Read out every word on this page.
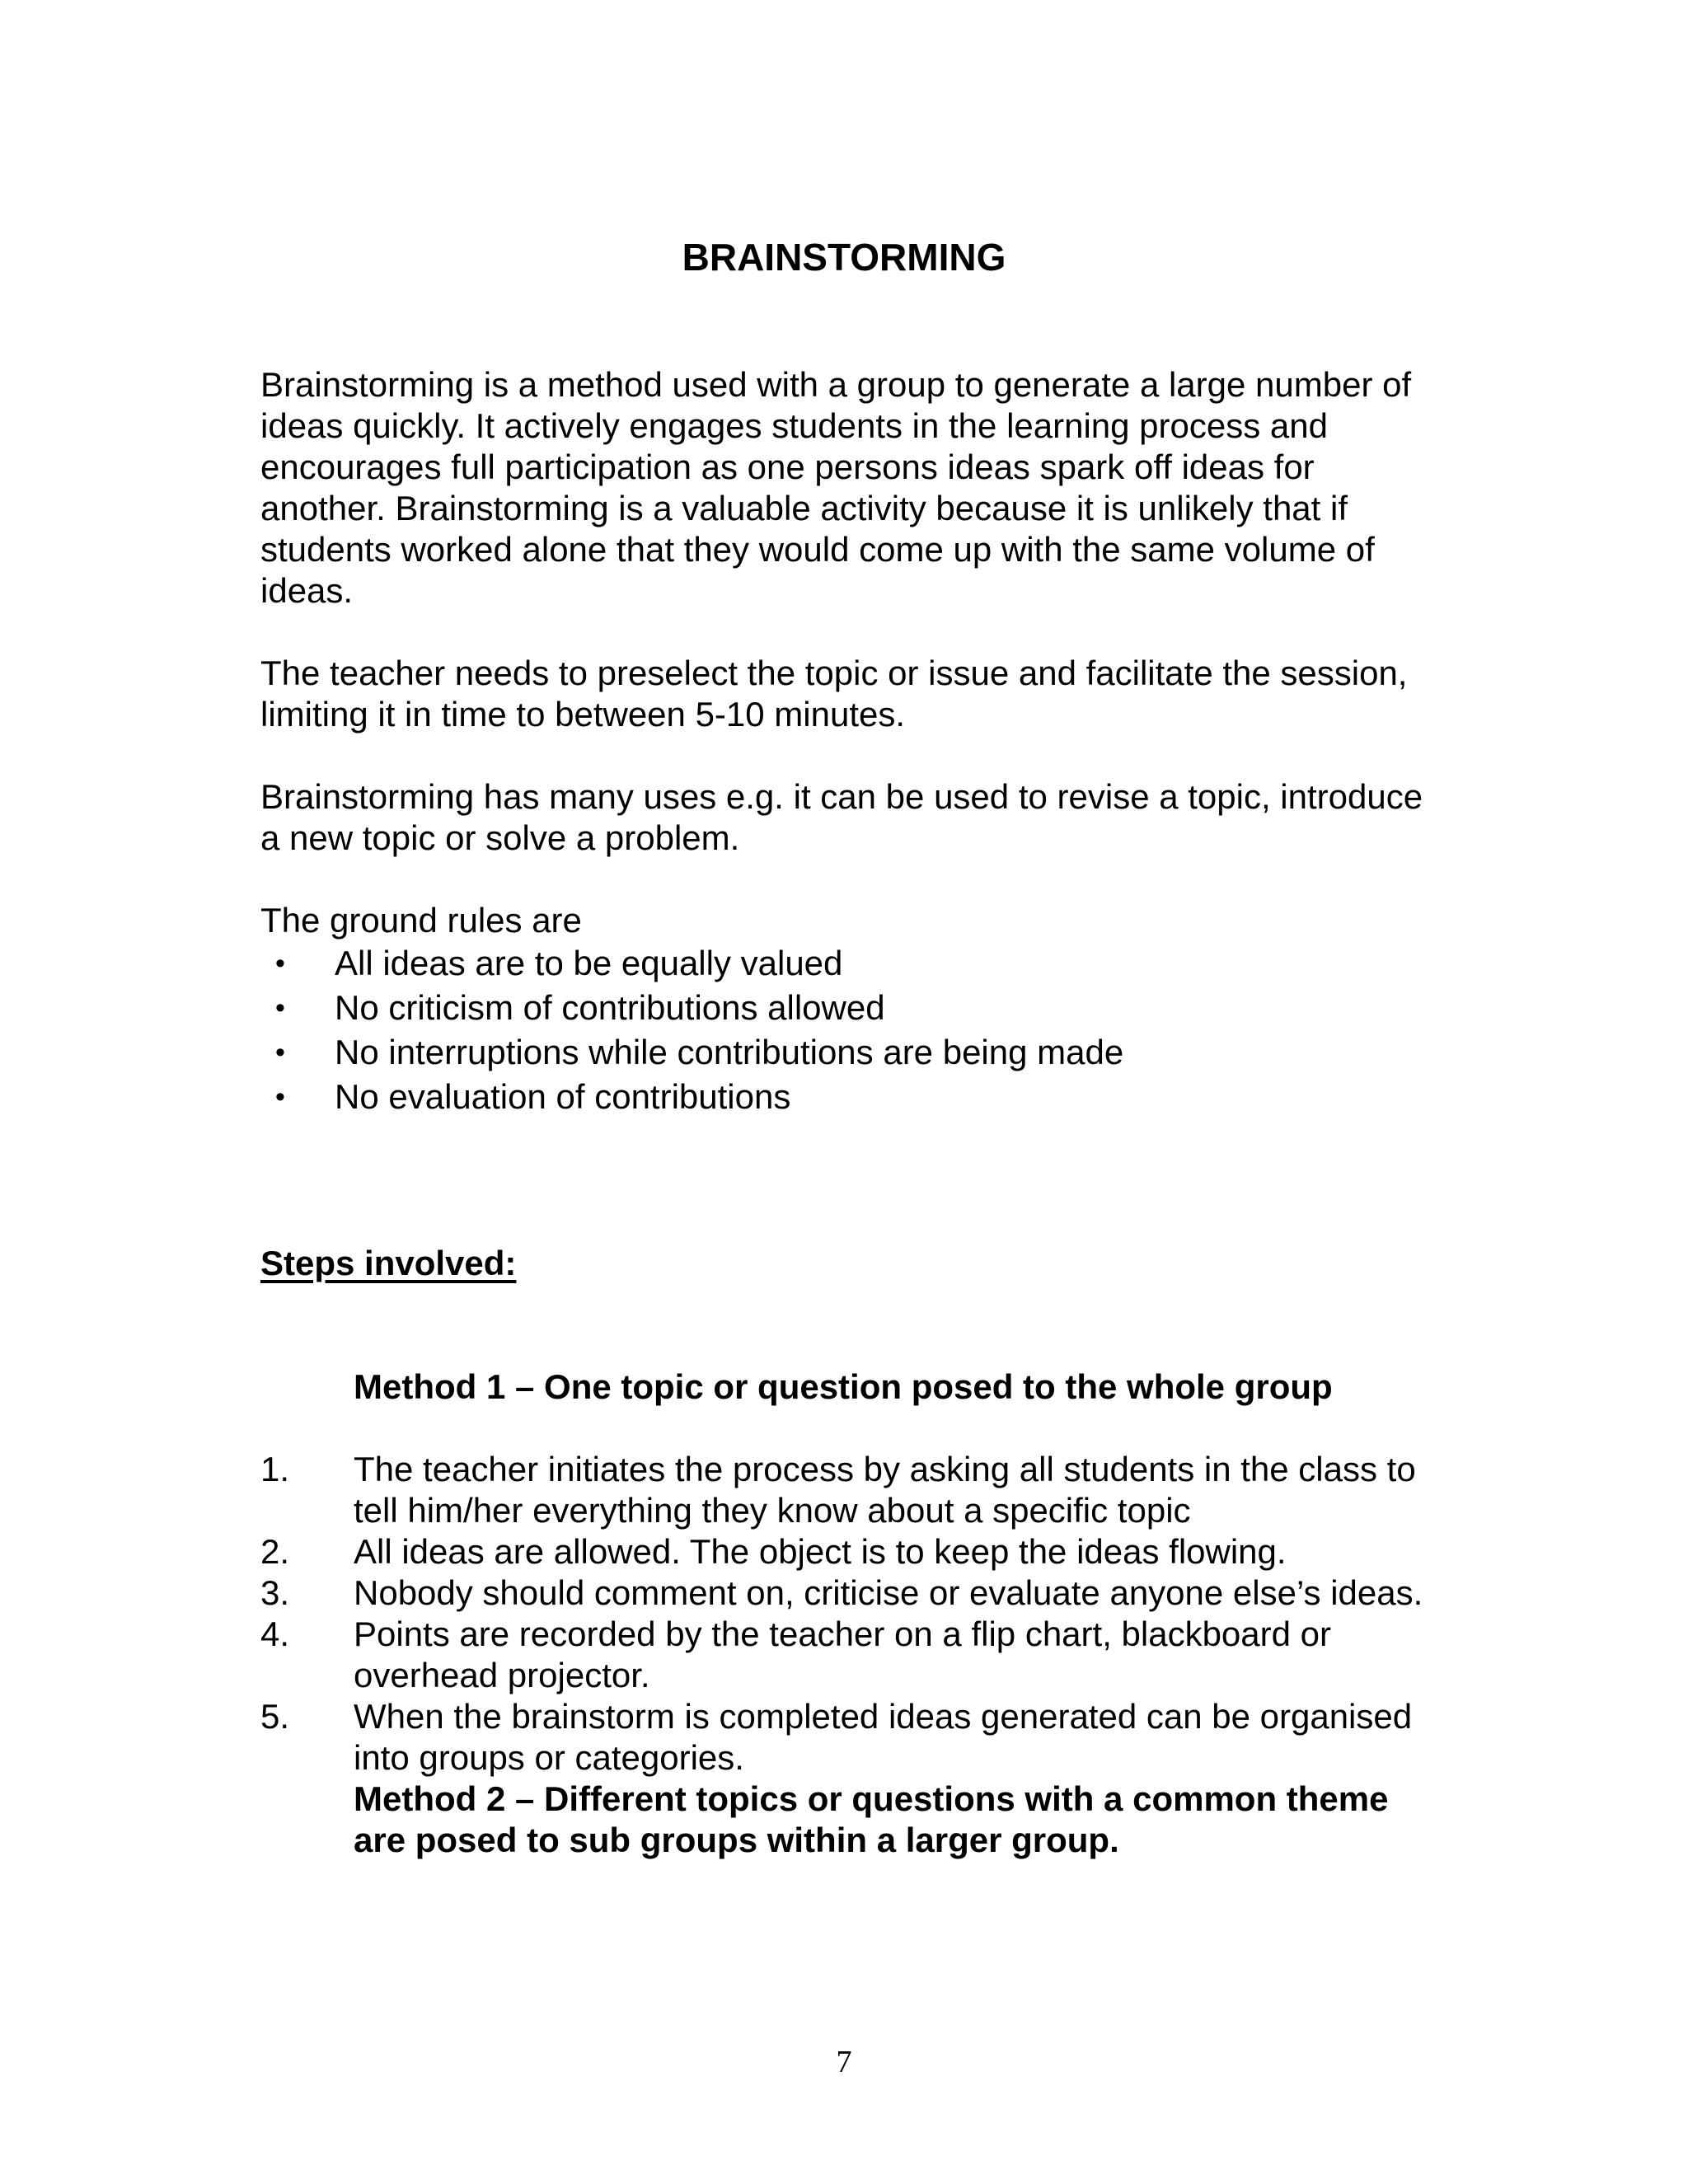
BRAINSTORMING

Brainstorming is a method used with a group to generate a large number of ideas quickly. It actively engages students in the learning process and encourages full participation as one persons ideas spark off ideas for another. Brainstorming is a valuable activity because it is unlikely that if students worked alone that they would come up with the same volume of ideas.

The teacher needs to preselect the topic or issue and facilitate the session, limiting it in time to between 5-10 minutes.

Brainstorming has many uses e.g. it can be used to revise a topic, introduce a new topic or solve a problem.

The ground rules are

• All ideas are to be equally valued
• No criticism of contributions allowed
• No interruptions while contributions are being made
• No evaluation of contributions

Steps involved:

Method 1 – One topic or question posed to the whole group

1. The teacher initiates the process by asking all students in the class to tell him/her everything they know about a specific topic
2. All ideas are allowed. The object is to keep the ideas flowing.
3. Nobody should comment on, criticise or evaluate anyone else’s ideas.
4. Points are recorded by the teacher on a flip chart, blackboard or overhead projector.
5. When the brainstorm is completed ideas generated can be organised into groups or categories.

Method 2 – Different topics or questions with a common theme are posed to sub groups within a larger group.

7
